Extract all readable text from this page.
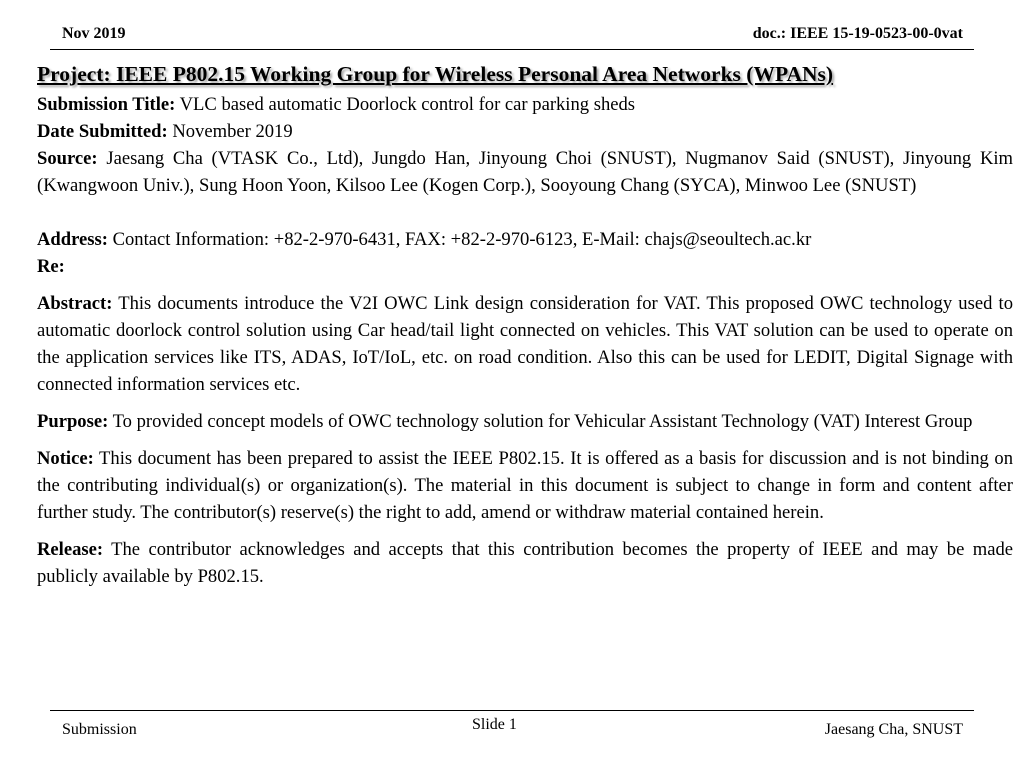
Nov 2019	doc.: IEEE 15-19-0523-00-0vat
Project: IEEE P802.15 Working Group for Wireless Personal Area Networks (WPANs)

Submission Title: VLC based automatic Doorlock control for car parking sheds

Date Submitted: November 2019

Source: Jaesang Cha (VTASK Co., Ltd), Jungdo Han, Jinyoung Choi (SNUST), Nugmanov Said (SNUST), Jinyoung Kim (Kwangwoon Univ.), Sung Hoon Yoon, Kilsoo Lee (Kogen Corp.), Sooyoung Chang (SYCA), Minwoo Lee (SNUST)

Address: Contact Information: +82-2-970-6431, FAX: +82-2-970-6123, E-Mail: chajs@seoultech.ac.kr

Re:

Abstract: This documents introduce the V2I OWC Link design consideration for VAT. This proposed OWC technology used to automatic doorlock control solution using Car head/tail light connected on vehicles. This VAT solution can be used to operate on the application services like ITS, ADAS, IoT/IoL, etc. on road condition. Also this can be used for LEDIT, Digital Signage with connected information services etc.

Purpose: To provided concept models of OWC technology solution for Vehicular Assistant Technology (VAT) Interest Group

Notice: This document has been prepared to assist the IEEE P802.15. It is offered as a basis for discussion and is not binding on the contributing individual(s) or organization(s). The material in this document is subject to change in form and content after further study. The contributor(s) reserve(s) the right to add, amend or withdraw material contained herein.

Release: The contributor acknowledges and accepts that this contribution becomes the property of IEEE and may be made publicly available by P802.15.

Submission	Slide 1	Jaesang Cha, SNUST
